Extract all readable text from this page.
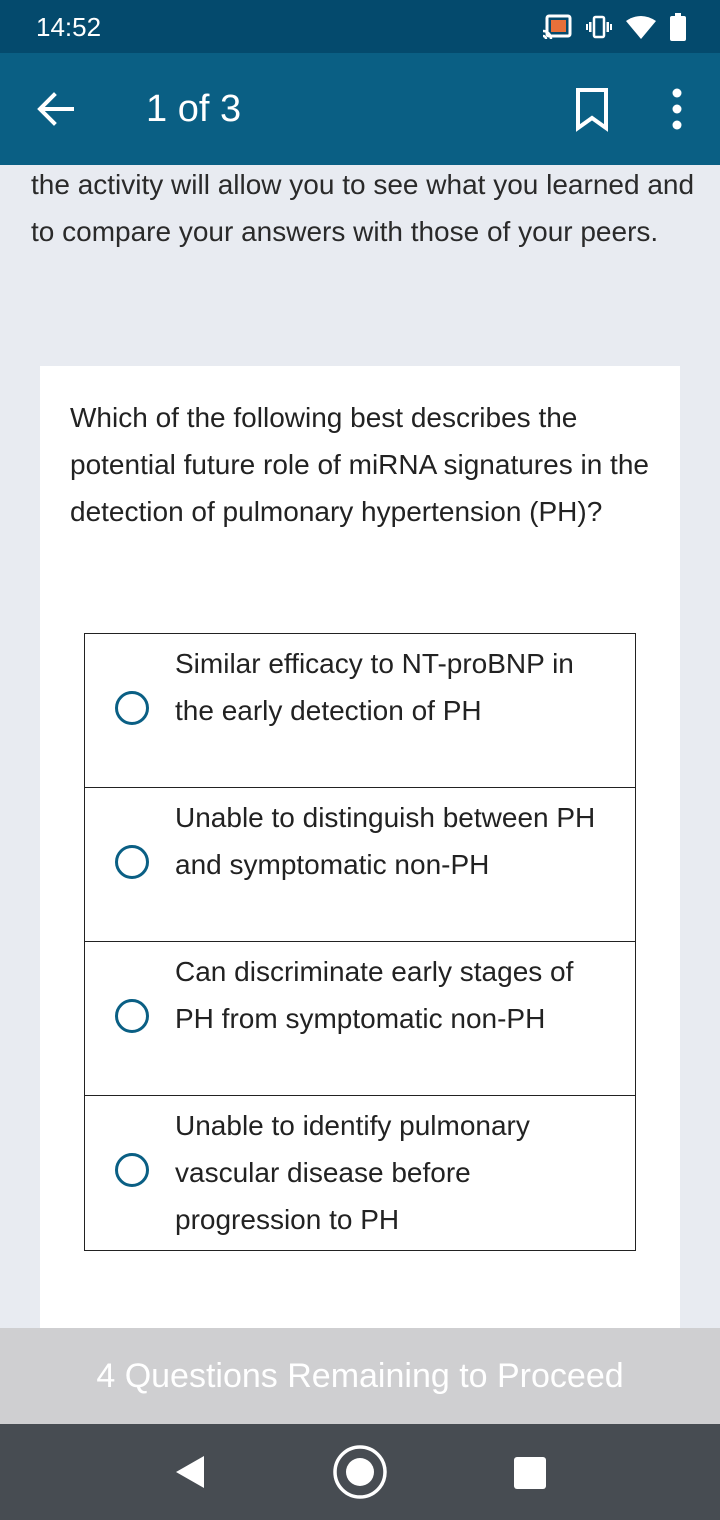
14:52
1 of 3
the activity will allow you to see what you learned and to compare your answers with those of your peers.
Which of the following best describes the potential future role of miRNA signatures in the detection of pulmonary hypertension (PH)?
Similar efficacy to NT-proBNP in the early detection of PH
Unable to distinguish between PH and symptomatic non-PH
Can discriminate early stages of PH from symptomatic non-PH
Unable to identify pulmonary vascular disease before progression to PH
4 Questions Remaining to Proceed
